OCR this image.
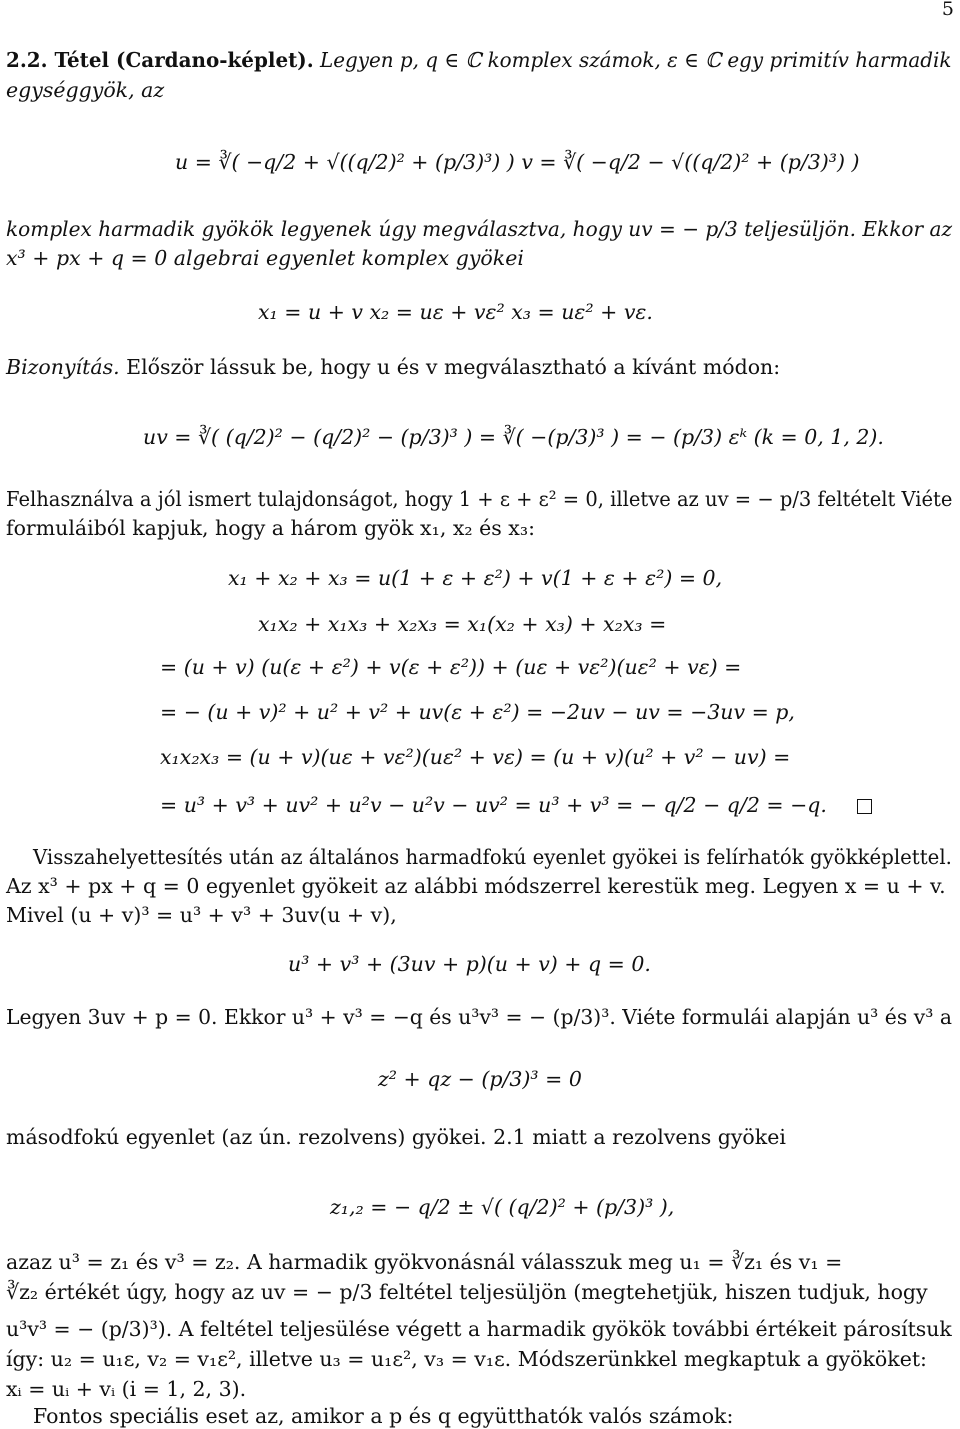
5
2.2. Tétel (Cardano-képlet). Legyen p, q ∈ ℂ komplex számok, ε ∈ ℂ egy primitív harmadik
egységgyök, az
u = ∛( −q/2 + √((q/2)² + (p/3)³) ) v = ∛( −q/2 − √((q/2)² + (p/3)³) )
komplex harmadik gyökök legyenek úgy megválasztva, hogy uv = − p/3 teljesüljön. Ekkor az
x³ + px + q = 0 algebrai egyenlet komplex gyökei
x₁ = u + v x₂ = uε + vε² x₃ = uε² + vε.
Bizonyítás. Először lássuk be, hogy u és v megválasztható a kívánt módon:
uv = ∛( (q/2)² − (q/2)² − (p/3)³ ) = ∛( −(p/3)³ ) = − (p/3) εᵏ (k = 0, 1, 2).
Felhasználva a jól ismert tulajdonságot, hogy 1 + ε + ε² = 0, illetve az uv = − p/3 feltételt Viéte
formuláiból kapjuk, hogy a három gyök x₁, x₂ és x₃:
x₁ + x₂ + x₃ = u(1 + ε + ε²) + v(1 + ε + ε²) = 0,
x₁x₂ + x₁x₃ + x₂x₃ = x₁(x₂ + x₃) + x₂x₃ =
= (u + v) (u(ε + ε²) + v(ε + ε²)) + (uε + vε²)(uε² + vε) =
= − (u + v)² + u² + v² + uv(ε + ε²) = −2uv − uv = −3uv = p,
x₁x₂x₃ = (u + v)(uε + vε²)(uε² + vε) = (u + v)(u² + v² − uv) =
= u³ + v³ + uv² + u²v − u²v − uv² = u³ + v³ = − q/2 − q/2 = −q.
Visszahelyettesítés után az általános harmadfokú eyenlet gyökei is felírhatók gyökképlettel.
Az x³ + px + q = 0 egyenlet gyökeit az alábbi módszerrel kerestük meg. Legyen x = u + v.
Mivel (u + v)³ = u³ + v³ + 3uv(u + v),
u³ + v³ + (3uv + p)(u + v) + q = 0.
Legyen 3uv + p = 0. Ekkor u³ + v³ = −q és u³v³ = − (p/3)³. Viéte formulái alapján u³ és v³ a
z² + qz − (p/3)³ = 0
másodfokú egyenlet (az ún. rezolvens) gyökei. 2.1 miatt a rezolvens gyökei
z₁,₂ = − q/2 ± √( (q/2)² + (p/3)³ ),
azaz u³ = z₁ és v³ = z₂. A harmadik gyökvonásnál válasszuk meg u₁ = ∛z₁ és v₁ =
∛z₂ értékét úgy, hogy az uv = − p/3 feltétel teljesüljön (megtehetjük, hiszen tudjuk, hogy
u³v³ = − (p/3)³). A feltétel teljesülése végett a harmadik gyökök további értékeit párosítsuk
így: u₂ = u₁ε, v₂ = v₁ε², illetve u₃ = u₁ε², v₃ = v₁ε. Módszerünkkel megkaptuk a gyököket:
xᵢ = uᵢ + vᵢ (i = 1, 2, 3).
Fontos speciális eset az, amikor a p és q együtthatók valós számok:
